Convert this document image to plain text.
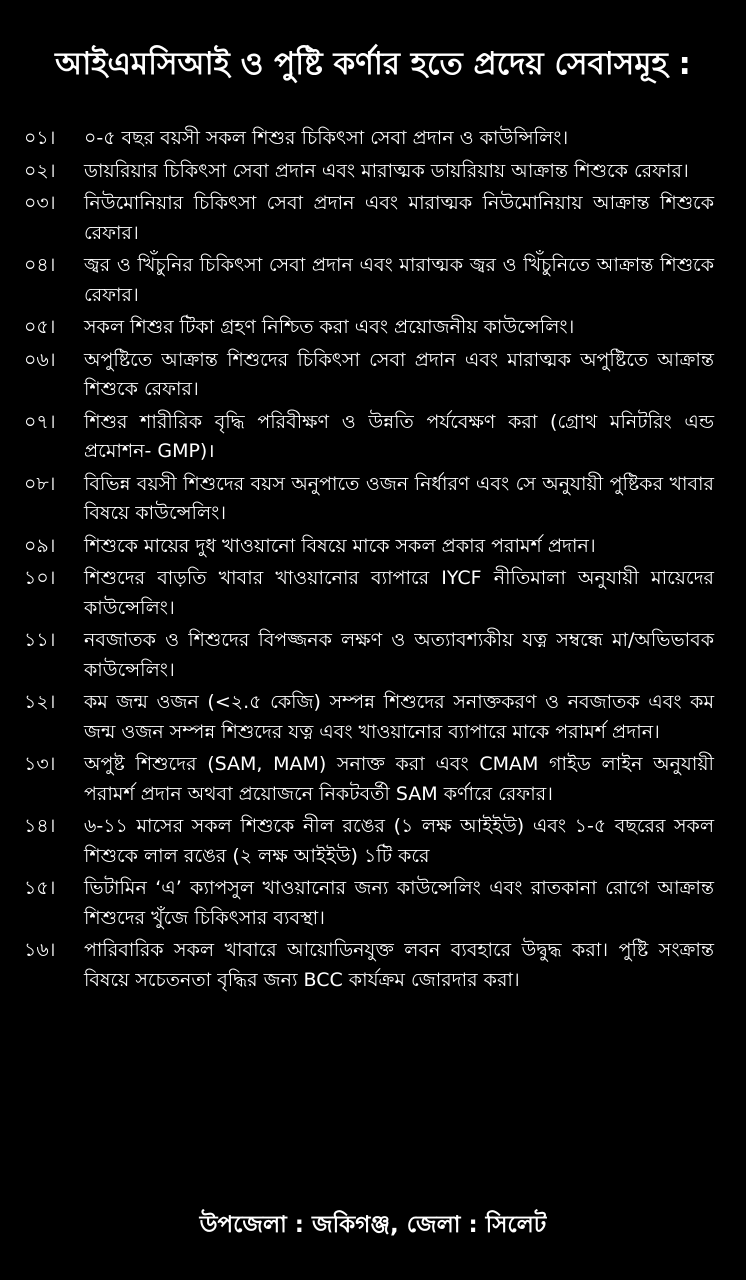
আইএমসিআই ও পুষ্টি কর্ণার হতে প্রদেয় সেবাসমূহ :
০১।	০-৫ বছর বয়সী সকল শিশুর চিকিৎসা সেবা প্রদান ও কাউন্সিলিং।
০২।	ডায়রিয়ার চিকিৎসা সেবা প্রদান এবং মারাত্মক ডায়রিয়ায় আক্রান্ত শিশুকে রেফার।
০৩।	নিউমোনিয়ার চিকিৎসা সেবা প্রদান এবং মারাত্মক নিউমোনিয়ায় আক্রান্ত শিশুকে রেফার।
০৪।	জ্বর ও খিঁচুনির চিকিৎসা সেবা প্রদান এবং মারাত্মক জ্বর ও খিঁচুনিতে আক্রান্ত শিশুকে রেফার।
০৫।	সকল শিশুর টিকা গ্রহণ নিশ্চিত করা এবং প্রয়োজনীয় কাউন্সেলিং।
০৬।	অপুষ্টিতে আক্রান্ত শিশুদের চিকিৎসা সেবা প্রদান এবং মারাত্মক অপুষ্টিতে আক্রান্ত শিশুকে রেফার।
০৭।	শিশুর শারীরিক বৃদ্ধি পরিবীক্ষণ ও উন্নতি পর্যবেক্ষণ করা (গ্রোথ মনিটরিং এন্ড প্রমোশন- GMP)।
০৮।	বিভিন্ন বয়সী শিশুদের বয়স অনুপাতে ওজন নির্ধারণ এবং সে অনুযায়ী পুষ্টিকর খাবার বিষয়ে কাউন্সেলিং।
০৯।	শিশুকে মায়ের দুধ খাওয়ানো বিষয়ে মাকে সকল প্রকার পরামর্শ প্রদান।
১০।	শিশুদের বাড়তি খাবার খাওয়ানোর ব্যাপারে IYCF নীতিমালা অনুযায়ী মায়েদের কাউন্সেলিং।
১১।	নবজাতক ও শিশুদের বিপজ্জনক লক্ষণ ও অত্যাবশ্যকীয় যত্ন সম্বন্ধে মা/অভিভাবক কাউন্সেলিং।
১২।	কম জন্ম ওজন (<২.৫ কেজি) সম্পন্ন শিশুদের সনাক্তকরণ ও নবজাতক এবং কম জন্ম ওজন সম্পন্ন শিশুদের যত্ন এবং খাওয়ানোর ব্যাপারে মাকে পরামর্শ প্রদান।
১৩।	অপুষ্ট শিশুদের (SAM, MAM) সনাক্ত করা এবং CMAM গাইড লাইন অনুযায়ী পরামর্শ প্রদান অথবা প্রয়োজনে নিকটবর্তী SAM কর্ণারে রেফার।
১৪।	৬-১১ মাসের সকল শিশুকে নীল রঙের (১ লক্ষ আইইউ) এবং ১-৫ বছরের সকল শিশুকে লাল রঙের (২ লক্ষ আইইউ) ১টি করে
১৫।	ভিটামিন ‘এ’ ক্যাপসুল খাওয়ানোর জন্য কাউন্সেলিং এবং রাতকানা রোগে আক্রান্ত শিশুদের খুঁজে চিকিৎসার ব্যবস্থা।
১৬।	পারিবারিক সকল খাবারে আয়োডিনযুক্ত লবন ব্যবহারে উদ্বুদ্ধ করা। পুষ্টি সংক্রান্ত বিষয়ে সচেতনতা বৃদ্ধির জন্য BCC কার্যক্রম জোরদার করা।
উপজেলা : জকিগঞ্জ, জেলা : সিলেট
